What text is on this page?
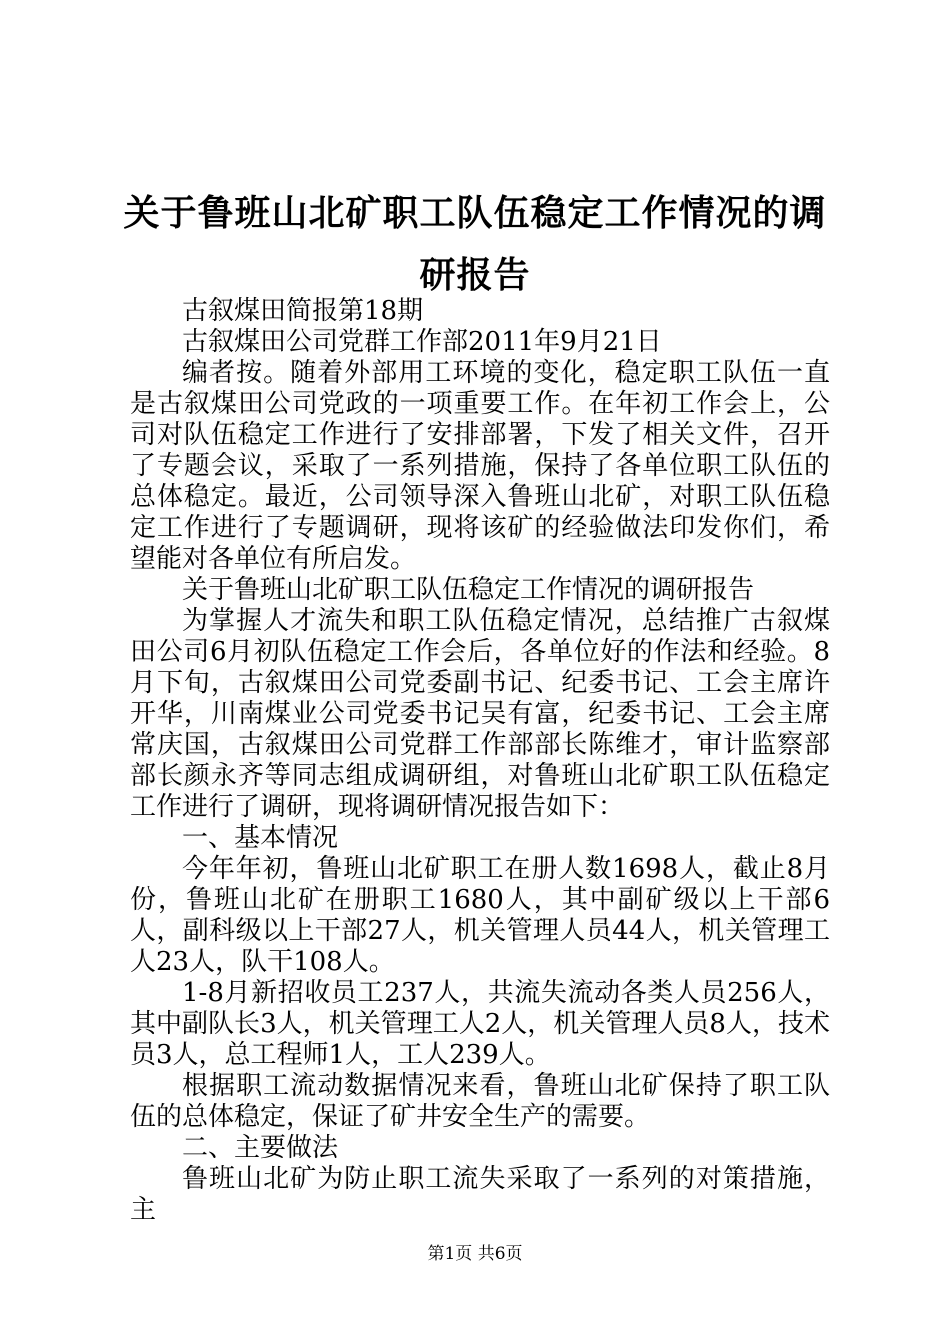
关于鲁班山北矿职工队伍稳定工作情况的调研报告

古叙煤田简报第18期

古叙煤田公司党群工作部2011年9月21日

编者按。随着外部用工环境的变化，稳定职工队伍一直是古叙煤田公司党政的一项重要工作。在年初工作会上，公司对队伍稳定工作进行了安排部署，下发了相关文件，召开了专题会议，采取了一系列措施，保持了各单位职工队伍的总体稳定。最近，公司领导深入鲁班山北矿，对职工队伍稳定工作进行了专题调研，现将该矿的经验做法印发你们，希望能对各单位有所启发。

关于鲁班山北矿职工队伍稳定工作情况的调研报告

为掌握人才流失和职工队伍稳定情况，总结推广古叙煤田公司6月初队伍稳定工作会后，各单位好的作法和经验。8月下旬，古叙煤田公司党委副书记、纪委书记、工会主席许开华，川南煤业公司党委书记吴有富，纪委书记、工会主席常庆国，古叙煤田公司党群工作部部长陈维才，审计监察部部长颜永齐等同志组成调研组，对鲁班山北矿职工队伍稳定工作进行了调研，现将调研情况报告如下：

一、基本情况

今年年初，鲁班山北矿职工在册人数1698人，截止8月份，鲁班山北矿在册职工1680人，其中副矿级以上干部6人，副科级以上干部27人，机关管理人员44人，机关管理工人23人，队干108人。

1-8月新招收员工237人，共流失流动各类人员256人，其中副队长3人，机关管理工人2人，机关管理人员8人，技术员3人，总工程师1人，工人239人。

根据职工流动数据情况来看，鲁班山北矿保持了职工队伍的总体稳定，保证了矿井安全生产的需要。

二、主要做法

鲁班山北矿为防止职工流失采取了一系列的对策措施，主

第1页 共6页
